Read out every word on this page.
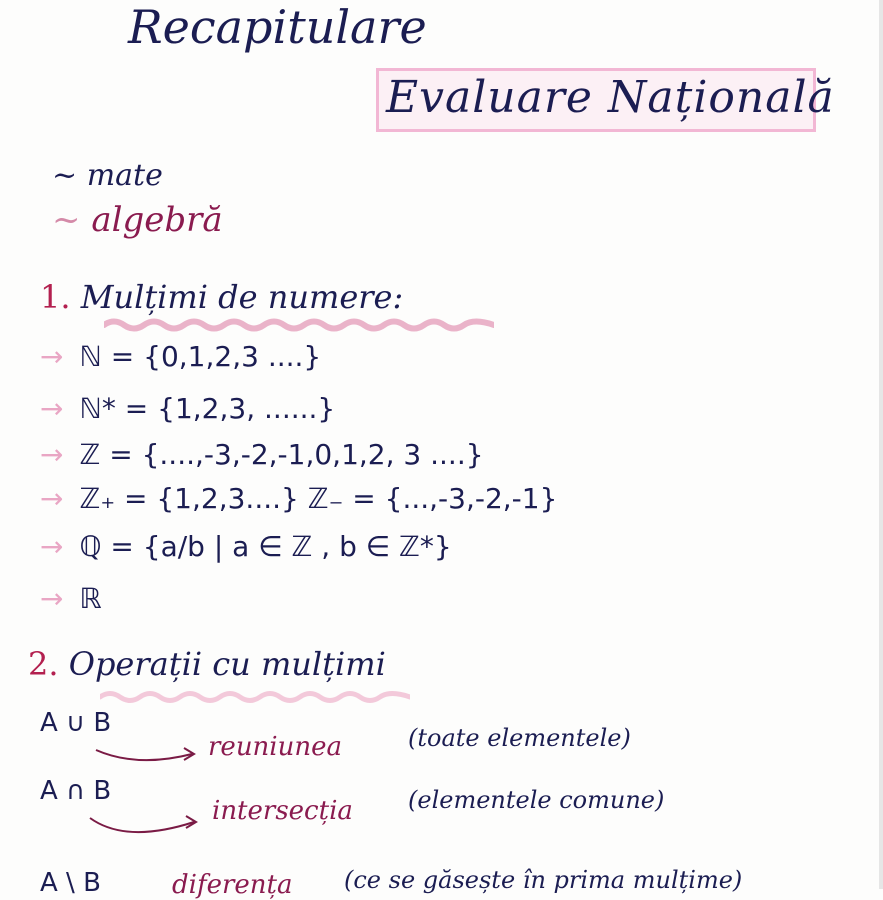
Recapitulare
Evaluare Națională
~ mate
~ algebră
1. Mulțimi de numere:
→ ℕ = {0,1,2,3 ....}
→ ℕ* = {1,2,3, ......}
→ ℤ = {....,-3,-2,-1,0,1,2, 3 ....}
→ ℤ₊ = {1,2,3....} ℤ₋ = {...,-3,-2,-1}
→ ℚ = {a/b | a ∈ ℤ , b ∈ ℤ*}
→ ℝ
2. Operații cu mulțimi
A ∪ B
reuniunea	(toate elementele)
A ∩ B
intersecția (elementele comune)
A \ B	diferența (ce se găsește în prima mulțime)
